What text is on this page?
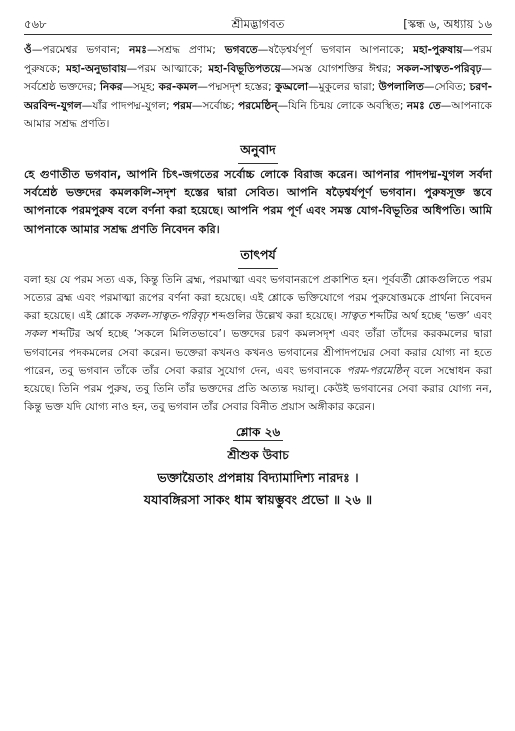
৫৬৮	শ্রীমদ্ভাগবত	[স্কন্ধ ৬, অধ্যায় ১৬
ওঁ—পরমেশ্বর ভগবান; নমঃ—সশ্রদ্ধ প্রণাম; ভগবতে—ষড়ৈশ্বর্যপূর্ণ ভগবান আপনাকে; মহা-পুরুষায়—পরম পুরুষকে; মহা-অনুভাবায়—পরম আত্মাকে; মহা-বিভূতিপতয়ে—সমস্ত যোগশক্তির ঈশ্বর; সকল-সাত্বত-পরিবৃঢ়—সর্বশ্রেষ্ঠ ভক্তদের; নিকর—সমূহ; কর-কমল—পদ্মসদৃশ হস্তের; কুড্মলো—মুকুলের দ্বারা; উপলালিত—সেবিত; চরণ-অরবিন্দ-যুগল—যাঁর পাদপদ্ম-যুগল; পরম—সর্বোচ্চ; পরমেষ্ঠিন্—যিনি চিন্ময় লোকে অবস্থিত; নমঃ তে—আপনাকে আমার সশ্রদ্ধ প্রণতি।
অনুবাদ
হে গুণাতীত ভগবান, আপনি চিৎ-জগতের সর্বোচ্চ লোকে বিরাজ করেন। আপনার পাদপদ্ম-যুগল সর্বদা সর্বশ্রেষ্ঠ ভক্তদের কমলকলি-সদৃশ হস্তের দ্বারা সেবিত। আপনি ষড়ৈশ্বর্যপূর্ণ ভগবান। পুরুষসূক্ত স্তবে আপনাকে পরমপুরুষ বলে বর্ণনা করা হয়েছে। আপনি পরম পূর্ণ এবং সমস্ত যোগ-বিভূতির অধিপতি। আমি আপনাকে আমার সশ্রদ্ধ প্রণতি নিবেদন করি।
তাৎপর্য
বলা হয় যে পরম সত্য এক, কিন্তু তিনি ব্রহ্ম, পরমাত্মা এবং ভগবানরূপে প্রকাশিত হন। পূর্ববর্তী শ্লোকগুলিতে পরম সত্যের ব্রহ্ম এবং পরমাত্মা রূপের বর্ণনা করা হয়েছে। এই শ্লোকে ভক্তিযোগে পরম পুরুষোত্তমকে প্রার্থনা নিবেদন করা হয়েছে। এই শ্লোকে সকল-সাত্বত-পরিবৃঢ় শব্দগুলির উল্লেখ করা হয়েছে। সাত্বত শব্দটির অর্থ হচ্ছে ‘ভক্ত’ এবং সকল শব্দটির অর্থ হচ্ছে ‘সকলে মিলিতভাবে’। ভক্তদের চরণ কমলসদৃশ এবং তাঁরা তাঁদের করকমলের দ্বারা ভগবানের পদকমলের সেবা করেন। ভক্তেরা কখনও কখনও ভগবানের শ্রীপাদপদ্মের সেবা করার যোগ্য না হতে পারেন, তবু ভগবান তাঁকে তাঁর সেবা করার সুযোগ দেন, এবং ভগবানকে পরম-পরমেষ্ঠিন্ বলে সম্বোধন করা হয়েছে। তিনি পরম পুরুষ, তবু তিনি তাঁর ভক্তদের প্রতি অত্যন্ত দয়ালু। কেউই ভগবানের সেবা করার যোগ্য নন, কিন্তু ভক্ত যদি যোগ্য নাও হন, তবু ভগবান তাঁর সেবার বিনীত প্রয়াস অঙ্গীকার করেন।
শ্লোক ২৬
শ্রীশুক উবাচ
ভক্তায়ৈতাং প্রপন্নায় বিদ্যামাদিশ্য নারদঃ ।
যযাবঙ্গিরসা সাকং ধাম স্বায়ম্ভুবং প্রভো ॥ ২৬ ॥
